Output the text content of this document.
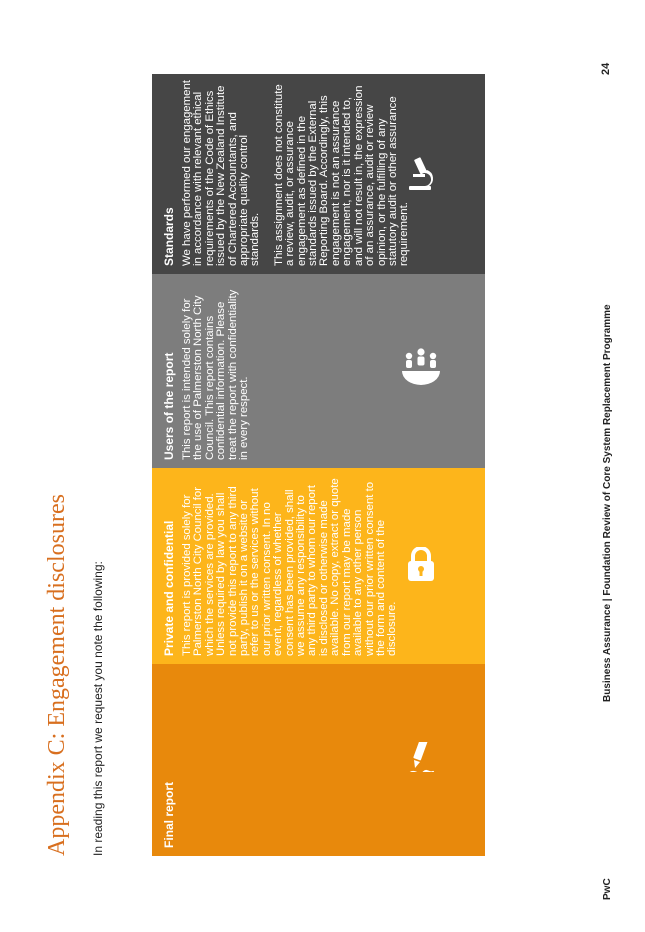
Appendix C: Engagement disclosures In reading this report we request you note the following:	Final report
Private and confidential This report is provided solely for Palmerston North City Council for which the services are provided. Unless required by law you shall not provide this report to any third party, publish it on a website or refer to us or the services without our prior written consent. In no event, regardless of whether consent has been provided, shall we assume any responsibility to any third party to whom our report is disclosed or otherwise made available. No copy, extract or quote from our report may be made available to any other person without our prior written consent to the form and content of the disclosure.

Users of the report This report is intended solely for the use of Palmerston North City Council. This report contains confidential information. Please treat the report with confidentiality in every respect.

Standards We have performed our engagement in accordance with relevant ethical requirements of the Code of Ethics issued by the New Zealand Institute of Chartered Accountants, and appropriate quality control standards. This assignment does not constitute a review, audit, or assurance engagement as defined in the standards issued by the External Reporting Board. Accordingly, this engagement is not an assurance engagement, nor is it intended to, and will not result in, the expression of an assurance, audit or review opinion, or the fulfilling of any statutory audit or other assurance requirement.

PwC

Business Assurance | Foundation Review of Core System Replacement Programme

24
